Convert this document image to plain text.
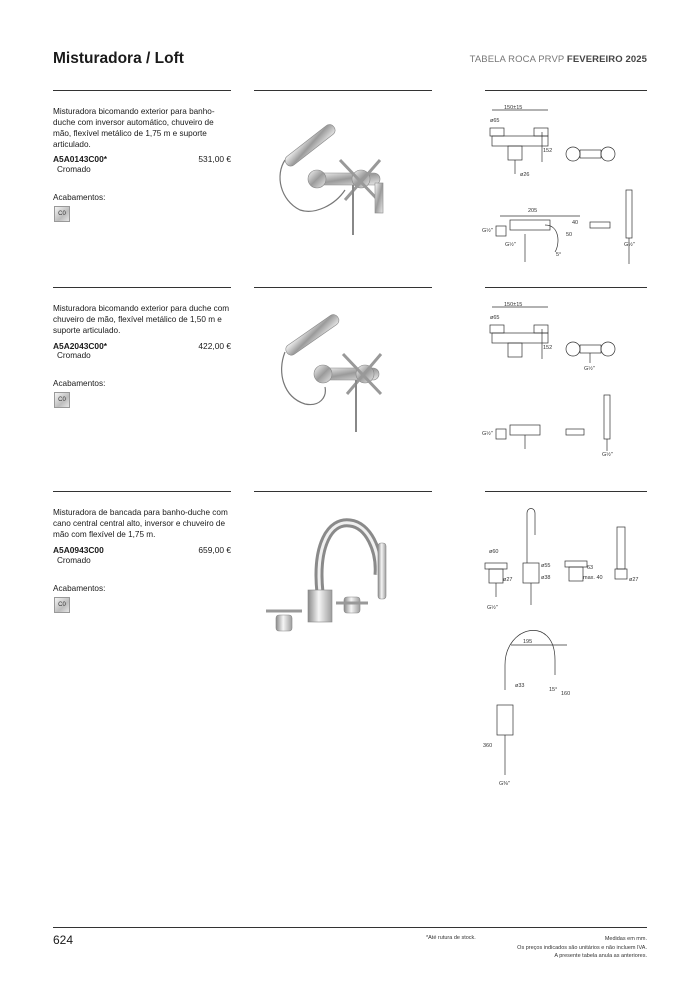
Misturadora / Loft	TABELA ROCA PRVP FEVEREIRO 2025
Misturadora bicomando exterior para banho-duche com inversor automático, chuveiro de mão, flexível metálico de 1,75 m e suporte articulado.
A5A0143C00*	531,00 €
Cromado
Acabamentos:
C0
150±15
ø65
152
ø26
205
40
50
5°
G½"
G½"	G½"
Misturadora bicomando exterior para duche com chuveiro de mão, flexível metálico de 1,50 m e suporte articulado.
A5A2043C00*	422,00 €
Cromado
Acabamentos:
C0
150±15
ø65
152
G½"
G½"
G½"
Misturadora de bancada para banho-duche com cano central central alto, inversor e chuveiro de mão com flexível de 1,75 m.
A5A0943C00	659,00 €
Cromado
Acabamentos:
C0
ø60
ø55
ø38
ø27
63
max. 40	ø27
G½"
195
ø33
15°
160
360
G⅜"
624	*Até rutura de stock.	Medidas em mm.
Os preços indicados são unitários e não incluem IVA.
A presente tabela anula as anteriores.
